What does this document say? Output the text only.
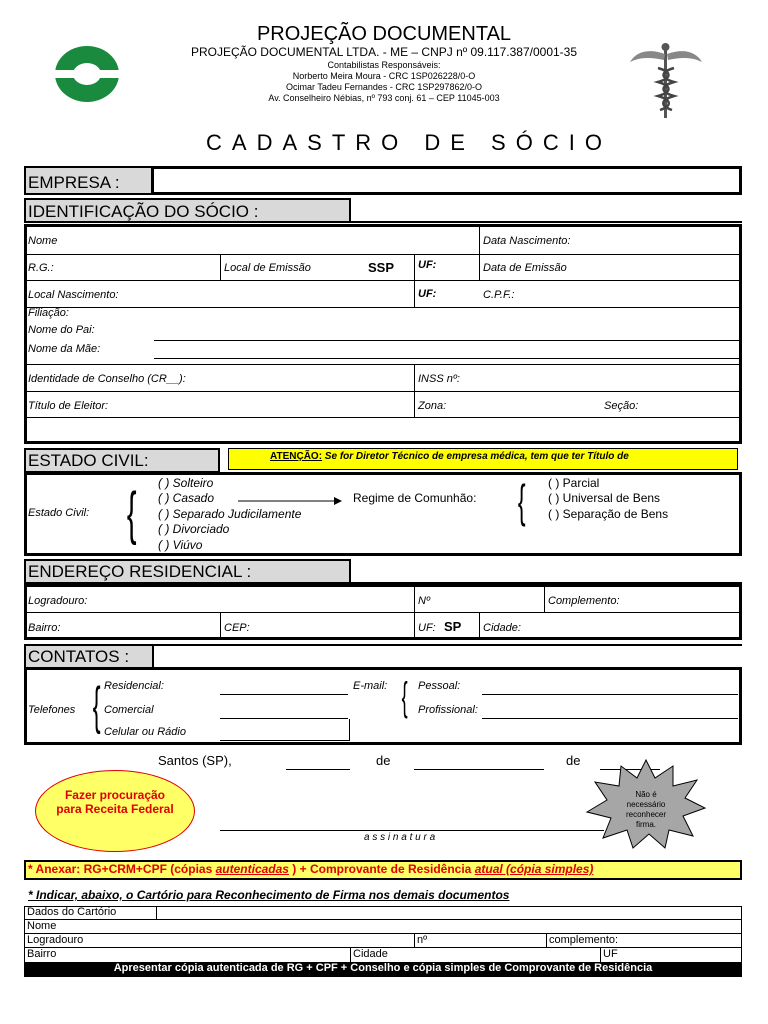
PROJEÇÃO DOCUMENTAL
PROJEÇÃO DOCUMENTAL LTDA. - ME – CNPJ nº 09.117.387/0001-35
Contabilistas Responsáveis:
Norberto Meira Moura - CRC 1SP026228/0-O
Ocimar Tadeu Fernandes - CRC 1SP297862/0-O
Av. Conselheiro Nébias, nº 793 conj. 61 – CEP 11045-003
CADASTRO DE SÓCIO
EMPRESA :
IDENTIFICAÇÃO DO SÓCIO :
Nome	Data Nascimento:
R.G.:	Local de Emissão	SSP UF:	Data de Emissão
Local Nascimento:	UF:	C.P.F.:
Filiação:
Nome do Pai:
Nome da Mãe:
Identidade de Conselho (CR__):	INSS nº:
Título de Eleitor:	Zona:	Seção:
ESTADO CIVIL:	ATENÇÃO: Se for Diretor Técnico de empresa médica, tem que ter Título de
Estado Civil: { ( ) Solteiro
( ) Casado
( ) Separado Judicilamente
( ) Divorciado
( ) Viúvo
Regime de Comunhão: { ( ) Parcial
( ) Universal de Bens
( ) Separação de Bens
ENDEREÇO RESIDENCIAL :
Logradouro:	Nº	Complemento:
Bairro:	CEP:	UF: SP Cidade:
CONTATOS :
Telefones { Residencial:
Comercial
Celular ou Rádio
E-mail: { Pessoal:
Profissional:
Santos (SP),	de	de
Fazer procuração para Receita Federal
a s s i n a t u r a
Não é necessário reconhecer firma.
* Anexar: RG+CRM+CPF (cópias autenticadas ) + Comprovante de Residência atual (cópia simples)
* Indicar, abaixo, o Cartório para Reconhecimento de Firma nos demais documentos
Dados do Cartório
Nome
Logradouro	nº	complemento:
Bairro	Cidade	UF
Apresentar cópia autenticada de RG + CPF + Conselho e cópia simples de Comprovante de Residência
